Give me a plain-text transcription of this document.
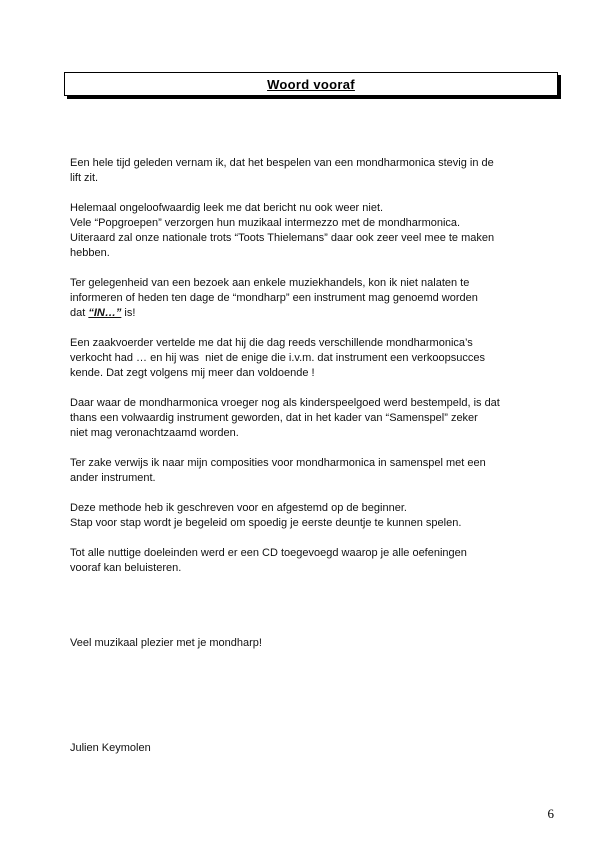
Woord vooraf
Een hele tijd geleden vernam ik, dat het bespelen van een mondharmonica stevig in de
lift zit.
Helemaal ongeloofwaardig leek me dat bericht nu ook weer niet.
Vele “Popgroepen” verzorgen hun muzikaal intermezzo met de mondharmonica.
Uiteraard zal onze nationale trots “Toots Thielemans” daar ook zeer veel mee te maken
hebben.
Ter gelegenheid van een bezoek aan enkele muziekhandels, kon ik niet nalaten te
informeren of heden ten dage de “mondharp” een instrument mag genoemd worden
dat “IN…” is!
Een zaakvoerder vertelde me dat hij die dag reeds verschillende mondharmonica’s
verkocht had … en hij was  niet de enige die i.v.m. dat instrument een verkoopsucces
kende. Dat zegt volgens mij meer dan voldoende !
Daar waar de mondharmonica vroeger nog als kinderspeelgoed werd bestempeld, is dat
thans een volwaardig instrument geworden, dat in het kader van “Samenspel” zeker
niet mag veronachtzaamd worden.
Ter zake verwijs ik naar mijn composities voor mondharmonica in samenspel met een
ander instrument.
Deze methode heb ik geschreven voor en afgestemd op de beginner.
Stap voor stap wordt je begeleid om spoedig je eerste deuntje te kunnen spelen.
Tot alle nuttige doeleinden werd er een CD toegevoegd waarop je alle oefeningen
vooraf kan beluisteren.
Veel muzikaal plezier met je mondharp!
Julien Keymolen
6
